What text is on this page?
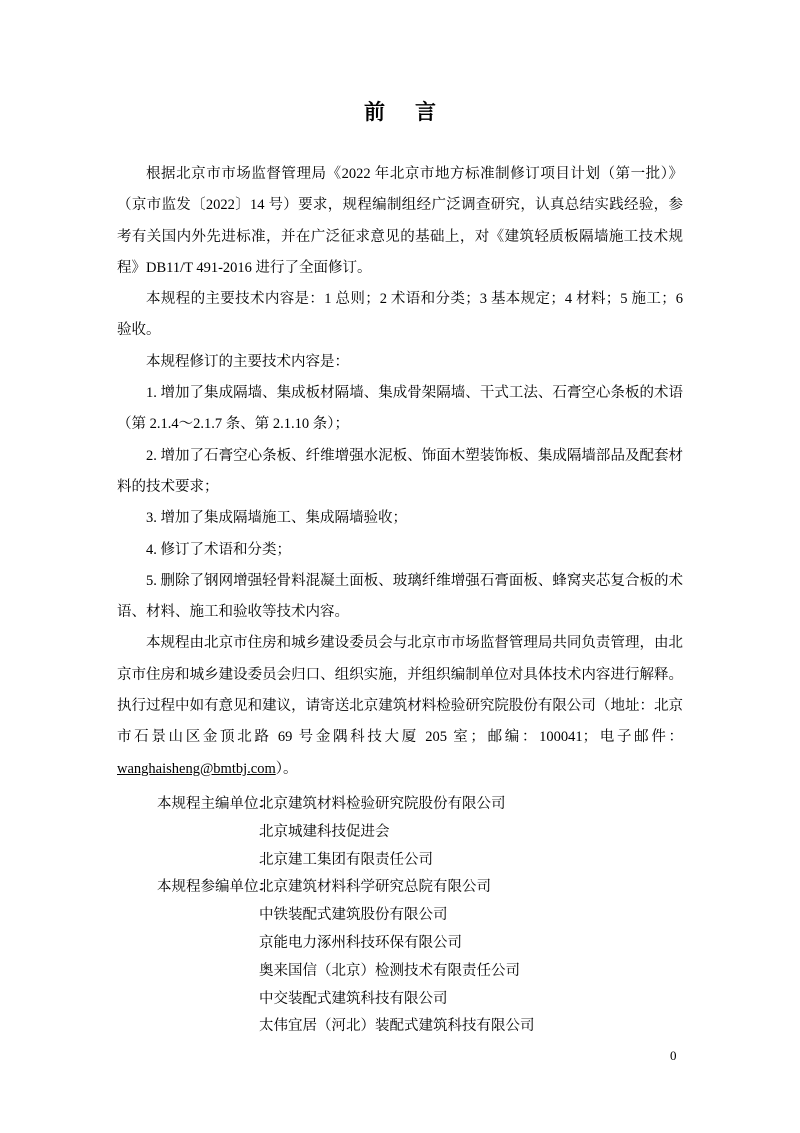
前言

根据北京市市场监督管理局《2022 年北京市地方标准制修订项目计划（第一批）》（京市监发〔2022〕14 号）要求，规程编制组经广泛调查研究，认真总结实践经验，参考有关国内外先进标准，并在广泛征求意见的基础上，对《建筑轻质板隔墙施工技术规程》DB11/T 491-2016 进行了全面修订。

本规程的主要技术内容是：1 总则；2 术语和分类；3 基本规定；4 材料；5 施工；6 验收。

本规程修订的主要技术内容是：

1. 增加了集成隔墙、集成板材隔墙、集成骨架隔墙、干式工法、石膏空心条板的术语（第 2.1.4～2.1.7 条、第 2.1.10 条）；

2. 增加了石膏空心条板、纤维增强水泥板、饰面木塑装饰板、集成隔墙部品及配套材料的技术要求；

3. 增加了集成隔墙施工、集成隔墙验收；

4. 修订了术语和分类；

5. 删除了钢网增强轻骨料混凝土面板、玻璃纤维增强石膏面板、蜂窝夹芯复合板的术语、材料、施工和验收等技术内容。

本规程由北京市住房和城乡建设委员会与北京市市场监督管理局共同负责管理，由北京市住房和城乡建设委员会归口、组织实施，并组织编制单位对具体技术内容进行解释。执行过程中如有意见和建议，请寄送北京建筑材料检验研究院股份有限公司（地址：北京市石景山区金顶北路 69 号金隅科技大厦 205 室；邮编：100041；电子邮件：wanghaisheng@bmtbj.com）。

本规程主编单位：
北京建筑材料检验研究院股份有限公司
北京城建科技促进会
北京建工集团有限责任公司
本规程参编单位：
北京建筑材料科学研究总院有限公司
中铁装配式建筑股份有限公司
京能电力涿州科技环保有限公司
奥来国信（北京）检测技术有限责任公司
中交装配式建筑科技有限公司
太伟宜居（河北）装配式建筑科技有限公司
0
